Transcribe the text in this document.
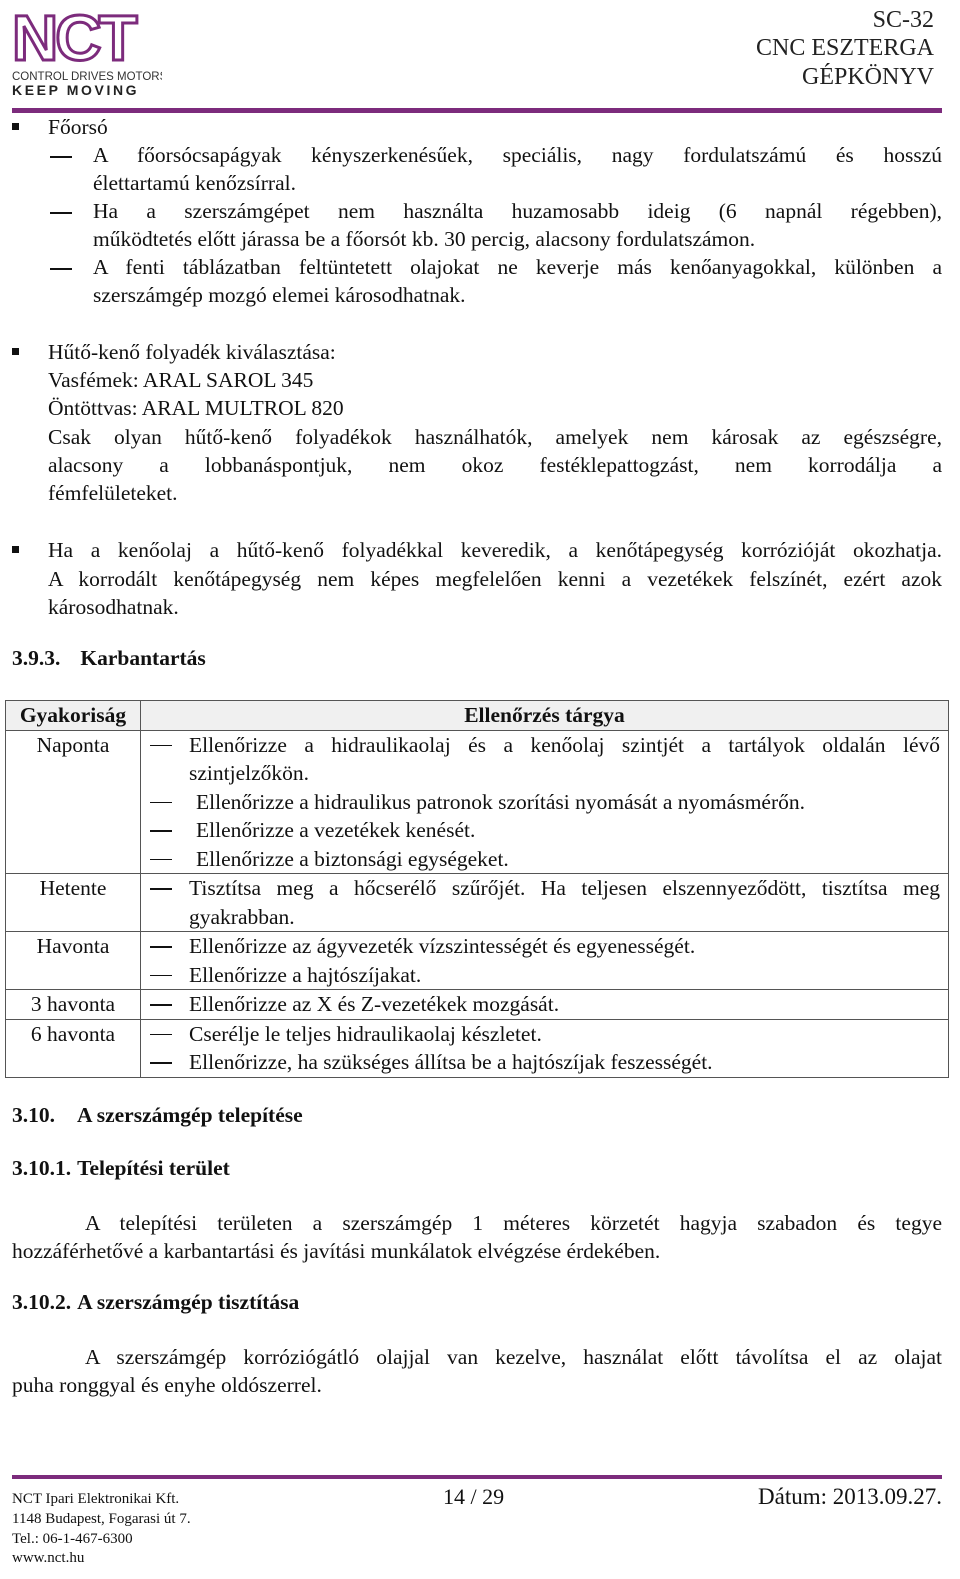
NCT
CONTROL DRIVES MOTORS
KEEP MOVING
SC-32
CNC ESZTERGA
GÉPKÖNYV
Főorsó
A főorsócsapágyak kényszerkenésűek, speciális, nagy fordulatszámú és hosszú
élettartamú kenőzsírral.
Ha a szerszámgépet nem használta huzamosabb ideig (6 napnál régebben),
működtetés előtt járassa be a főorsót kb. 30 percig, alacsony fordulatszámon.
A fenti táblázatban feltüntetett olajokat ne keverje más kenőanyagokkal, különben a
szerszámgép mozgó elemei károsodhatnak.
Hűtő-kenő folyadék kiválasztása:
Vasfémek: ARAL SAROL 345
Öntöttvas: ARAL MULTROL 820
Csak olyan hűtő-kenő folyadékok használhatók, amelyek nem károsak az egészségre,
alacsony a lobbanáspontjuk, nem okoz festéklepattogzást, nem korrodálja a
fémfelületeket.
Ha a kenőolaj a hűtő-kenő folyadékkal keveredik, a kenőtápegység korrózióját okozhatja.
A korrodált kenőtápegység nem képes megfelelően kenni a vezetékek felszínét, ezért azok
károsodhatnak.
3.9.3. Karbantartás
Gyakoriság	Ellenőrzés tárgya
Naponta	Ellenőrizze a hidraulikaolaj és a kenőolaj szintjét a tartályok oldalán lévő szintjelzőkön.
Ellenőrizze a hidraulikus patronok szorítási nyomását a nyomásmérőn.
Ellenőrizze a vezetékek kenését.
Ellenőrizze a biztonsági egységeket.

Hetente	Tisztítsa meg a hőcserélő szűrőjét. Ha teljesen elszennyeződött, tisztítsa meg gyakrabban.

Havonta	Ellenőrizze az ágyvezeték vízszintességét és egyenességét.
Ellenőrizze a hajtószíjakat.

3 havonta	Ellenőrizze az X és Z-vezetékek mozgását.

6 havonta	Cserélje le teljes hidraulikaolaj készletet.
Ellenőrizze, ha szükséges állítsa be a hajtószíjak feszességét.
3.10. A szerszámgép telepítése
3.10.1. Telepítési terület
A telepítési területen a szerszámgép 1 méteres körzetét hagyja szabadon és tegye
hozzáférhetővé a karbantartási és javítási munkálatok elvégzése érdekében.
3.10.2. A szerszámgép tisztítása
A szerszámgép korróziógátló olajjal van kezelve, használat előtt távolítsa el az olajat
puha ronggyal és enyhe oldószerrel.
NCT Ipari Elektronikai Kft.
1148 Budapest, Fogarasi út 7.
Tel.: 06-1-467-6300
www.nct.hu
14 / 29	Dátum: 2013.09.27.
